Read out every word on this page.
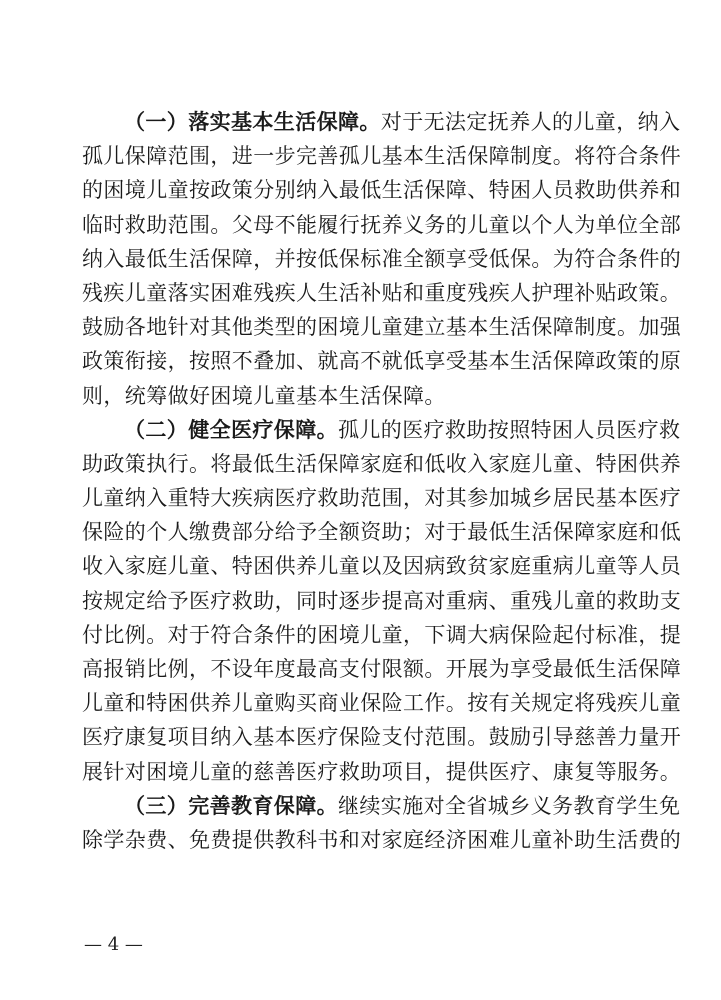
（一）落实基本生活保障。对于无法定抚养人的儿童，纳入
孤儿保障范围，进一步完善孤儿基本生活保障制度。将符合条件
的困境儿童按政策分别纳入最低生活保障、特困人员救助供养和
临时救助范围。父母不能履行抚养义务的儿童以个人为单位全部
纳入最低生活保障，并按低保标准全额享受低保。为符合条件的
残疾儿童落实困难残疾人生活补贴和重度残疾人护理补贴政策。
鼓励各地针对其他类型的困境儿童建立基本生活保障制度。加强
政策衔接，按照不叠加、就高不就低享受基本生活保障政策的原
则，统筹做好困境儿童基本生活保障。
（二）健全医疗保障。孤儿的医疗救助按照特困人员医疗救
助政策执行。将最低生活保障家庭和低收入家庭儿童、特困供养
儿童纳入重特大疾病医疗救助范围，对其参加城乡居民基本医疗
保险的个人缴费部分给予全额资助；对于最低生活保障家庭和低
收入家庭儿童、特困供养儿童以及因病致贫家庭重病儿童等人员
按规定给予医疗救助，同时逐步提高对重病、重残儿童的救助支
付比例。对于符合条件的困境儿童，下调大病保险起付标准，提
高报销比例，不设年度最高支付限额。开展为享受最低生活保障
儿童和特困供养儿童购买商业保险工作。按有关规定将残疾儿童
医疗康复项目纳入基本医疗保险支付范围。鼓励引导慈善力量开
展针对困境儿童的慈善医疗救助项目，提供医疗、康复等服务。
（三）完善教育保障。继续实施对全省城乡义务教育学生免
除学杂费、免费提供教科书和对家庭经济困难儿童补助生活费的
— 4 —
